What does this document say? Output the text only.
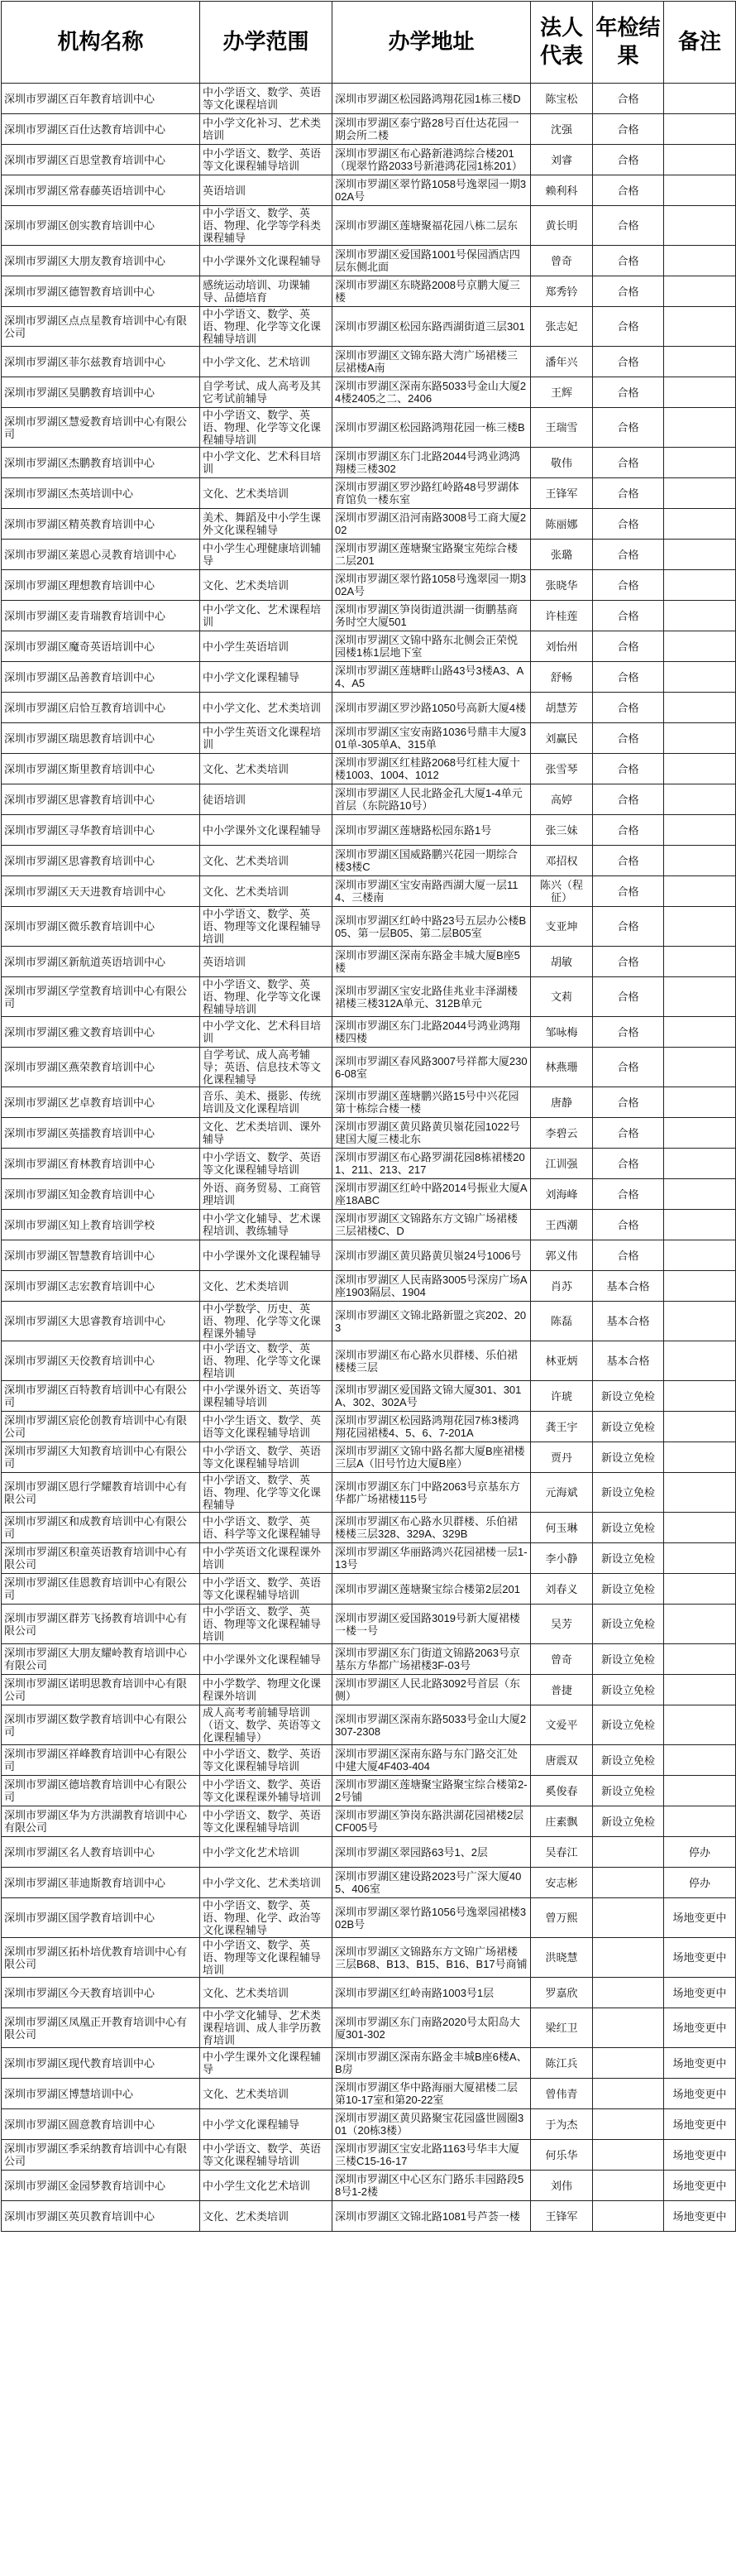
机构名称	办学范围	办学地址	法人代表	年检结果	备注
深圳市罗湖区百年教育培训中心	中小学语文、数学、英语等文化课程培训	深圳市罗湖区松园路鸿翔花园1栋三楼D	陈宝松	合格	
深圳市罗湖区百仕达教育培训中心	中小学文化补习、艺术类培训	深圳市罗湖区泰宁路28号百仕达花园一期会所二楼	沈强	合格	
深圳市罗湖区百思堂教育培训中心	中小学语文、数学、英语等文化课程辅导培训	深圳市罗湖区布心路新港鸿综合楼201（现翠竹路2033号新港鸿花园1栋201）	刘睿	合格	
深圳市罗湖区常春藤英语培训中心	英语培训	深圳市罗湖区翠竹路1058号逸翠园一期302A号	赖利科	合格	
深圳市罗湖区创实教育培训中心	中小学语文、数学、英语、物理、化学等学科类课程辅导	深圳市罗湖区莲塘聚福花园八栋二层东	黄长明	合格	
深圳市罗湖区大朋友教育培训中心	中小学课外文化课程辅导	深圳市罗湖区爱国路1001号保园酒店四层东侧北面	曾奇	合格	
深圳市罗湖区德智教育培训中心	感统运动培训、功课辅导、品德培育	深圳市罗湖区东晓路2008号京鹏大厦三楼	郑秀钤	合格	
深圳市罗湖区点点星教育培训中心有限公司	中小学语文、数学、英语、物理、化学等文化课程辅导培训	深圳市罗湖区松园东路西湖街道三层301	张志妃	合格	
深圳市罗湖区菲尔兹教育培训中心	中小学文化、艺术培训	深圳市罗湖区文锦东路大湾广场裙楼三层裙楼A南	潘年兴	合格	
深圳市罗湖区昊鹏教育培训中心	自学考试、成人高考及其它考试前辅导	深圳市罗湖区深南东路5033号金山大厦24楼2405之二、2406	王辉	合格	
深圳市罗湖区慧爱教育培训中心有限公司	中小学语文、数学、英语、物理、化学等文化课程辅导培训	深圳市罗湖区松园路鸿翔花园一栋三楼B	王瑞雪	合格	
深圳市罗湖区杰鹏教育培训中心	中小学文化、艺术科目培训	深圳市罗湖区东门北路2044号鸿业鸿鸿翔楼三楼302	敬伟	合格	
深圳市罗湖区杰英培训中心	文化、艺术类培训	深圳市罗湖区罗沙路红岭路48号罗湖体育馆负一楼东室	王锋军	合格	
深圳市罗湖区精英教育培训中心	美术、舞蹈及中小学生课外文化课程辅导	深圳市罗湖区沿河南路3008号工商大厦202	陈丽娜	合格	
深圳市罗湖区莱恩心灵教育培训中心	中小学生心理健康培训辅导	深圳市罗湖区莲塘聚宝路聚宝苑综合楼二层201	张璐	合格	
深圳市罗湖区理想教育培训中心	文化、艺术类培训	深圳市罗湖区翠竹路1058号逸翠园一期302A号	张晓华	合格	
深圳市罗湖区麦肯瑞教育培训中心	中小学文化、艺术课程培训	深圳市罗湖区笋岗街道洪湖一街鹏基商务时空大厦501	许桂莲	合格	
深圳市罗湖区魔奇英语培训中心	中小学生英语培训	深圳市罗湖区文锦中路东北侧会正荣悦园楼1栋1层地下室	刘怡州	合格	
深圳市罗湖区品善教育培训中心	中小学文化课程辅导	深圳市罗湖区莲塘畔山路43号3楼A3、A4、A5	舒畅	合格	
深圳市罗湖区启恰互教育培训中心	中小学文化、艺术类培训	深圳市罗湖区罗沙路1050号高新大厦4楼	胡慧芳	合格	
深圳市罗湖区瑞思教育培训中心	中小学生英语文化课程培训	深圳市罗湖区宝安南路1036号鼎丰大厦301单-305单A、315单	刘赢民	合格	
深圳市罗湖区斯里教育培训中心	文化、艺术类培训	深圳市罗湖区红桂路2068号红桂大厦十楼1003、1004、1012	张雪琴	合格	
深圳市罗湖区思睿教育培训中心	徒语培训	深圳市罗湖区人民北路金孔大厦1-4单元首层（东院路10号）	高婷	合格	
深圳市罗湖区寻华教育培训中心	中小学课外文化课程辅导	深圳市罗湖区莲塘路松园东路1号	张三妹	合格	
深圳市罗湖区思睿教育培训中心	文化、艺术类培训	深圳市罗湖区国威路鹏兴花园一期综合楼3楼C	邓招权	合格	
深圳市罗湖区天天进教育培训中心	文化、艺术类培训	深圳市罗湖区宝安南路西湖大厦一层114、三楼南	陈兴（程征）	合格	
深圳市罗湖区微乐教育培训中心	中小学语文、数学、英语、物理等文化课程辅导培训	深圳市罗湖区红岭中路23号五层办公楼B05、第一层B05、第二层B05室	支亚坤	合格	
深圳市罗湖区新航道英语培训中心	英语培训	深圳市罗湖区深南东路金丰城大厦B座5楼	胡敏	合格	
深圳市罗湖区学堂教育培训中心有限公司	中小学语文、数学、英语、物理、化学等文化课程辅导培训	深圳市罗湖区宝安北路佳兆业丰泽湖楼裙楼三楼312A单元、312B单元	文莉	合格	
深圳市罗湖区雅文教育培训中心	中小学文化、艺术科目培训	深圳市罗湖区东门北路2044号鸿业鸿翔楼四楼	邹咏梅	合格	
深圳市罗湖区燕荣教育培训中心	自学考试、成人高考辅导；英语、信息技术等文化课程辅导	深圳市罗湖区春风路3007号祥都大厦2306-08室	林燕珊	合格	
深圳市罗湖区艺卓教育培训中心	音乐、美术、摄影、传统培训及文化课程培训	深圳市罗湖区莲塘鹏兴路15号中兴花园第十栋综合楼一楼	唐静	合格	
深圳市罗湖区英擂教育培训中心	文化、艺术类培训、课外辅导	深圳市罗湖区黄贝路黄贝嶺花园1022号建国大厦三楼北东	李碧云	合格	
深圳市罗湖区育林教育培训中心	中小学语文、数学、英语等文化课程辅导培训	深圳市罗湖区布心路罗湖花园8栋裙楼201、211、213、217	江训强	合格	
深圳市罗湖区知金教育培训中心	外语、商务贸易、工商管理培训	深圳市罗湖区红岭中路2014号振业大厦A座18ABC	刘海峰	合格	
深圳市罗湖区知上教育培训学校	中小学文化辅导、艺术课程培训、教练辅导	深圳市罗湖区文锦路东方文锦广场裙楼三层裙楼C、D	王西潮	合格	
深圳市罗湖区智慧教育培训中心	中小学课外文化课程辅导	深圳市罗湖区黄贝路黄贝嶺24号1006号	郭义伟	合格	
深圳市罗湖区志宏教育培训中心	文化、艺术类培训	深圳市罗湖区人民南路3005号深房广场A座1903隔层、1904	肖苏	基本合格	
深圳市罗湖区大思睿教育培训中心	中小学数学、历史、英语、物理、化学等文化课程课外辅导	深圳市罗湖区文锦北路新盟之宾202、203	陈磊	基本合格	
深圳市罗湖区天佼教育培训中心	中小学语文、数学、英语、物理、化学等文化课程培训	深圳市罗湖区布心路水贝群楼、乐伯裙楼楼三层	林亚炳	基本合格	
深圳市罗湖区百特教育培训中心有限公司	中小学课外语文、英语等课程辅导培训	深圳市罗湖区爱国路文锦大厦301、301A、302、302A号	许琥	新设立免检	
深圳市罗湖区宸伦创教育培训中心有限公司	中小学生语文、数学、英语等文化课程辅导培训	深圳市罗湖区松园路鸿翔花园7栋3楼鸿翔花园裙楼4、5、6、7-201A	龚王宇	新设立免检	
深圳市罗湖区大知教育培训中心有限公司	中小学语文、数学、英语等文化课程辅导培训	深圳市罗湖区文锦中路名都大厦B座裙楼三层A（旧号竹边大厦B座）	贾丹	新设立免检	
深圳市罗湖区恩行学耀教育培训中心有限公司	中小学语文、数学、英语、物理、化学等文化课程辅导	深圳市罗湖区东门中路2063号京基东方华都广场裙楼115号	元海斌	新设立免检	
深圳市罗湖区和成教育培训中心有限公司	中小学语文、数学、英语、科学等文化课程辅导	深圳市罗湖区布心路水贝群楼、乐伯裙楼楼三层328、329A、329B	何玉琳	新设立免检	
深圳市罗湖区积童英语教育培训中心有限公司	中小学英语文化课程课外培训	深圳市罗湖区华丽路鸿兴花园裙楼一层1-13号	李小静	新设立免检	
深圳市罗湖区佳恩教育培训中心有限公司	中小学语文、数学、英语等文化课程辅导培训	深圳市罗湖区莲塘聚宝综合楼第2层201	刘春义	新设立免检	
深圳市罗湖区群芳飞扬教育培训中心有限公司	中小学语文、数学、英语、物理等文化课程辅导培训	深圳市罗湖区爱国路3019号新大厦裙楼一楼一号	吴芳	新设立免检	
深圳市罗湖区大朋友耀岭教育培训中心有限公司	中小学课外文化课程辅导	深圳市罗湖区东门街道文锦路2063号京基东方华都广场裙楼3F-03号	曾奇	新设立免检	
深圳市罗湖区诺明思教育培训中心有限公司	中小学数学、物理文化课程课外培训	深圳市罗湖区人民北路3092号首层（东侧）	普捷	新设立免检	
深圳市罗湖区数学教育培训中心有限公司	成人高考考前辅导培训（语文、数学、英语等文化课程辅导）	深圳市罗湖区深南东路5033号金山大厦2307-2308	文爱平	新设立免检	
深圳市罗湖区祥峰教育培训中心有限公司	中小学语文、数学、英语等文化课程辅导培训	深圳市罗湖区深南东路与东门路交汇处中建大厦4F403-404	唐震双	新设立免检	
深圳市罗湖区德培教育培训中心有限公司	中小学语文、数学、英语等文化课程课外辅导培训	深圳市罗湖区莲塘聚宝路聚宝综合楼第2-2号铺	奚俊春	新设立免检	
深圳市罗湖区华为方洪湖教育培训中心有限公司	中小学语文、数学、英语等文化课程辅导培训	深圳市罗湖区笋岗东路洪湖花园裙楼2层CF005号	庄素飘	新设立免检	
深圳市罗湖区名人教育培训中心	中小学文化艺术培训	深圳市罗湖区翠园路63号1、2层	吴春江		停办
深圳市罗湖区菲迪斯教育培训中心	中小学文化、艺术类培训	深圳市罗湖区建设路2023号广深大厦405、406室	安志彬		停办
深圳市罗湖区国学教育培训中心	中小学语文、数学、英语、物理、化学、政治等文化课程辅导	深圳市罗湖区翠竹路1056号逸翠园裙楼302B号	曾万熙		场地变更中
深圳市罗湖区拓朴培优教育培训中心有限公司	中小学语文、数学、英语、物理等文化课程辅导培训	深圳市罗湖区文锦路东方文锦广场裙楼三层B68、B13、B15、B16、B17号商铺	洪晓慧		场地变更中
深圳市罗湖区今天教育培训中心	文化、艺术类培训	深圳市罗湖区红岭南路1003号1层	罗嘉欣		场地变更中
深圳市罗湖区凤凰正开教育培训中心有限公司	中小学文化辅导、艺术类课程培训、成人非学历教育培训	深圳市罗湖区东门南路2020号太阳岛大厦301-302	梁红卫		场地变更中
深圳市罗湖区现代教育培训中心	中小学生课外文化课程辅导	深圳市罗湖区深南东路金丰城B座6楼A、B房	陈江兵		场地变更中
深圳市罗湖区博慧培训中心	文化、艺术类培训	深圳市罗湖区华中路海丽大厦裙楼二层第10-17室和第20-22室	曾伟青		场地变更中
深圳市罗湖区圆意教育培训中心	中小学文化课程辅导	深圳市罗湖区黄贝路聚宝花园盛世圆圈301（20栋3楼）	于为杰		场地变更中
深圳市罗湖区季采纳教育培训中心有限公司	中小学语文、数学、英语等文化课程辅导培训	深圳市罗湖区宝安北路1163号华丰大厦三楼C15-16-17	何乐华		场地变更中
深圳市罗湖区金园梦教育培训中心	中小学生文化艺术培训	深圳市罗湖区中心区东门路乐丰园路段58号1-2楼	刘伟		场地变更中
深圳市罗湖区英贝教育培训中心	文化、艺术类培训	深圳市罗湖区文锦北路1081号芦荟一楼	王锋军		场地变更中
